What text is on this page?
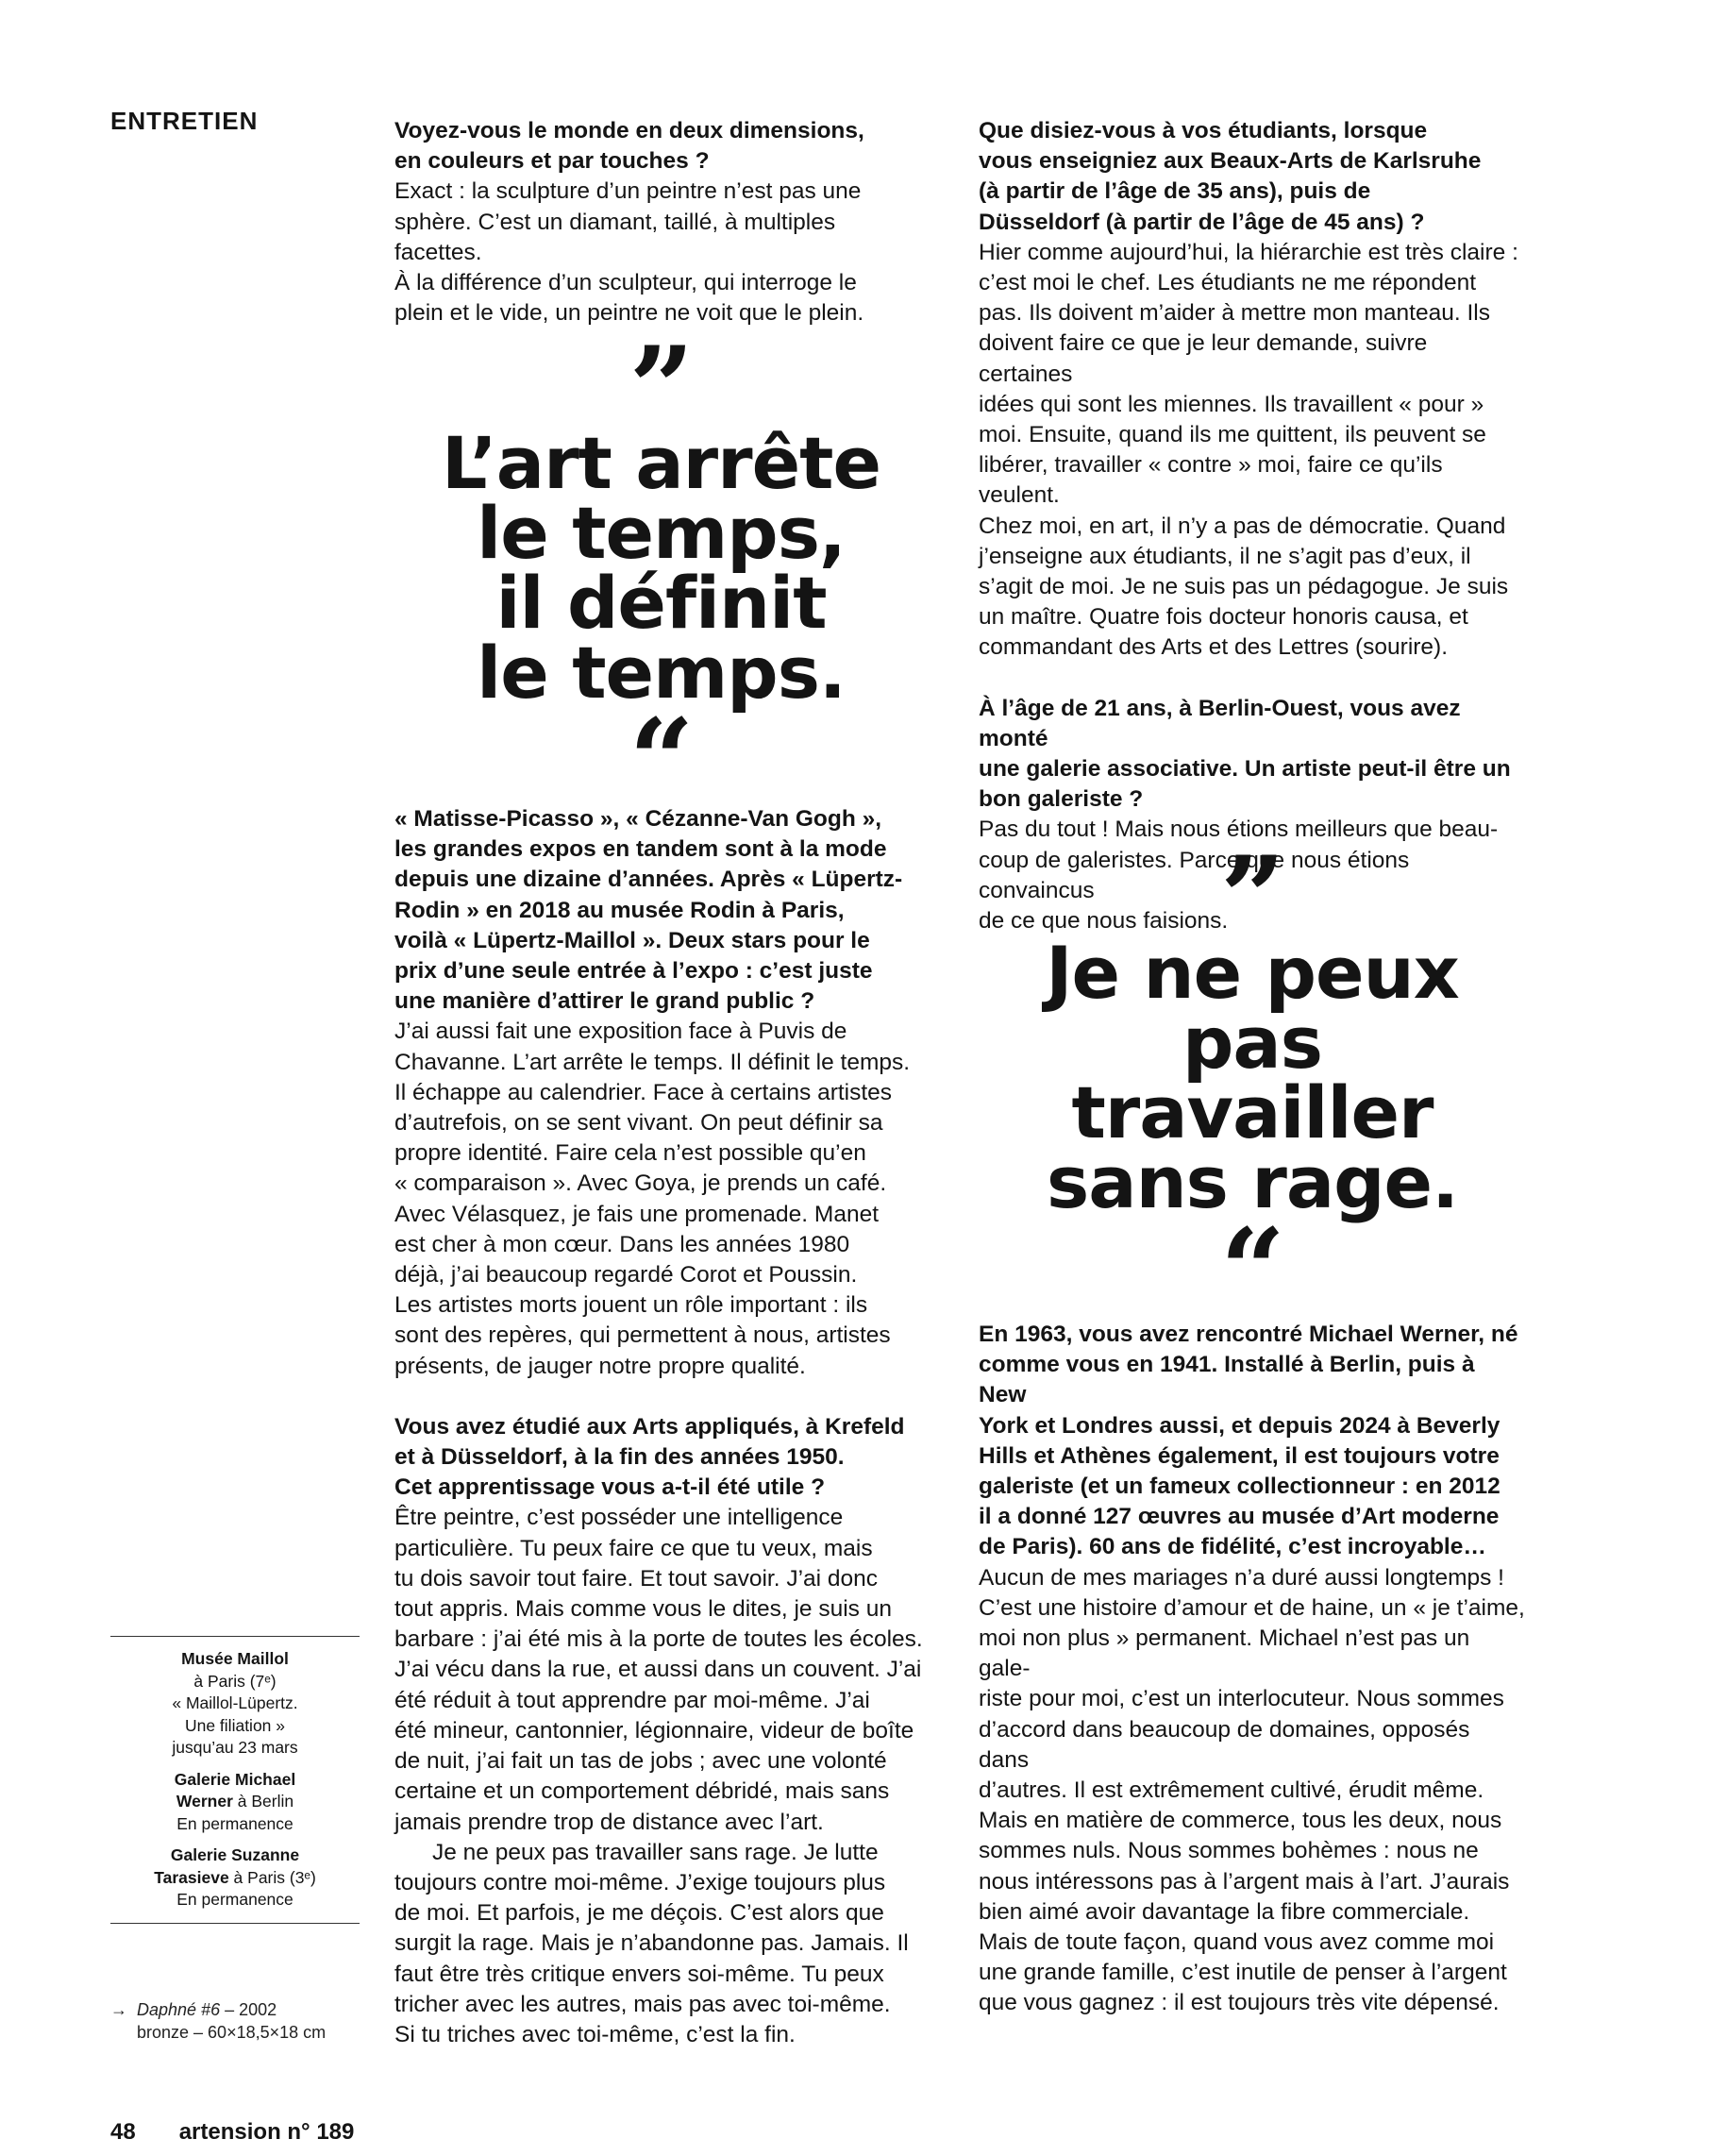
ENTRETIEN	Voyez-vous le monde en deux dimensions,
en couleurs et par touches ?

Exact : la sculpture d’un peintre n’est pas une
sphère. C’est un diamant, taillé, à multiples facettes.
À la différence d’un sculpteur, qui interroge le
plein et le vide, un peintre ne voit que le plein.

”
L’art arrête
le temps,
il définit
le temps.
“

« Matisse-Picasso », « Cézanne-Van Gogh »,
les grandes expos en tandem sont à la mode
depuis une dizaine d’années. Après « Lüpertz-
Rodin » en 2018 au musée Rodin à Paris,
voilà « Lüpertz-Maillol ». Deux stars pour le
prix d’une seule entrée à l’expo : c’est juste
une manière d’attirer le grand public ?

J’ai aussi fait une exposition face à Puvis de
Chavanne. L’art arrête le temps. Il définit le temps.
Il échappe au calendrier. Face à certains artistes
d’autrefois, on se sent vivant. On peut définir sa
propre identité. Faire cela n’est possible qu’en
« comparaison ». Avec Goya, je prends un café.
Avec Vélasquez, je fais une promenade. Manet
est cher à mon cœur. Dans les années 1980
déjà, j’ai beaucoup regardé Corot et Poussin.
Les artistes morts jouent un rôle important : ils
sont des repères, qui permettent à nous, artistes
présents, de jauger notre propre qualité.

Vous avez étudié aux Arts appliqués, à Krefeld
et à Düsseldorf, à la fin des années 1950.
Cet apprentissage vous a-t-il été utile ?

Être peintre, c’est posséder une intelligence
particulière. Tu peux faire ce que tu veux, mais
tu dois savoir tout faire. Et tout savoir. J’ai donc
tout appris. Mais comme vous le dites, je suis un
barbare : j’ai été mis à la porte de toutes les écoles.
J’ai vécu dans la rue, et aussi dans un couvent. J’ai
été réduit à tout apprendre par moi-même. J’ai
été mineur, cantonnier, légionnaire, videur de boîte
de nuit, j’ai fait un tas de jobs ; avec une volonté
certaine et un comportement débridé, mais sans
jamais prendre trop de distance avec l’art.

Je ne peux pas travailler sans rage. Je lutte
toujours contre moi-même. J’exige toujours plus
de moi. Et parfois, je me déçois. C’est alors que
surgit la rage. Mais je n’abandonne pas. Jamais. Il
faut être très critique envers soi-même. Tu peux
tricher avec les autres, mais pas avec toi-même.
Si tu triches avec toi-même, c’est la fin.

Que disiez-vous à vos étudiants, lorsque
vous enseigniez aux Beaux-Arts de Karlsruhe
(à partir de l’âge de 35 ans), puis de
Düsseldorf (à partir de l’âge de 45 ans) ?

Hier comme aujourd’hui, la hiérarchie est très claire :
c’est moi le chef. Les étudiants ne me répondent
pas. Ils doivent m’aider à mettre mon manteau. Ils
doivent faire ce que je leur demande, suivre certaines
idées qui sont les miennes. Ils travaillent « pour »
moi. Ensuite, quand ils me quittent, ils peuvent se
libérer, travailler « contre » moi, faire ce qu’ils veulent.
Chez moi, en art, il n’y a pas de démocratie. Quand
j’enseigne aux étudiants, il ne s’agit pas d’eux, il
s’agit de moi. Je ne suis pas un pédagogue. Je suis
un maître. Quatre fois docteur honoris causa, et
commandant des Arts et des Lettres (sourire).

À l’âge de 21 ans, à Berlin-Ouest, vous avez monté
une galerie associative. Un artiste peut-il être un
bon galeriste ?

Pas du tout ! Mais nous étions meilleurs que beau-
coup de galeristes. Parce que nous étions convaincus
de ce que nous faisions.

”
Je ne peux
pas
travailler
sans rage.
“

En 1963, vous avez rencontré Michael Werner, né
comme vous en 1941. Installé à Berlin, puis à New
York et Londres aussi, et depuis 2024 à Beverly
Hills et Athènes également, il est toujours votre
galeriste (et un fameux collectionneur : en 2012
il a donné 127 œuvres au musée d’Art moderne
de Paris). 60 ans de fidélité, c’est incroyable…

Aucun de mes mariages n’a duré aussi longtemps !
C’est une histoire d’amour et de haine, un « je t’aime,
moi non plus » permanent. Michael n’est pas un gale-
riste pour moi, c’est un interlocuteur. Nous sommes
d’accord dans beaucoup de domaines, opposés dans
d’autres. Il est extrêmement cultivé, érudit même.
Mais en matière de commerce, tous les deux, nous
sommes nuls. Nous sommes bohèmes : nous ne
nous intéressons pas à l’argent mais à l’art. J’aurais
bien aimé avoir davantage la fibre commerciale.
Mais de toute façon, quand vous avez comme moi
une grande famille, c’est inutile de penser à l’argent
que vous gagnez : il est toujours très vite dépensé.

Musée Maillol
à Paris (7ᵉ)
« Maillol-Lüpertz.
Une filiation »
jusqu’au 23 mars
Galerie Michael
Werner à Berlin
En permanence
Galerie Suzanne
Tarasieve à Paris (3ᵉ)
En permanence
→ Daphné #6 – 2002
bronze – 60×18,5×18 cm
48 artension n° 189
